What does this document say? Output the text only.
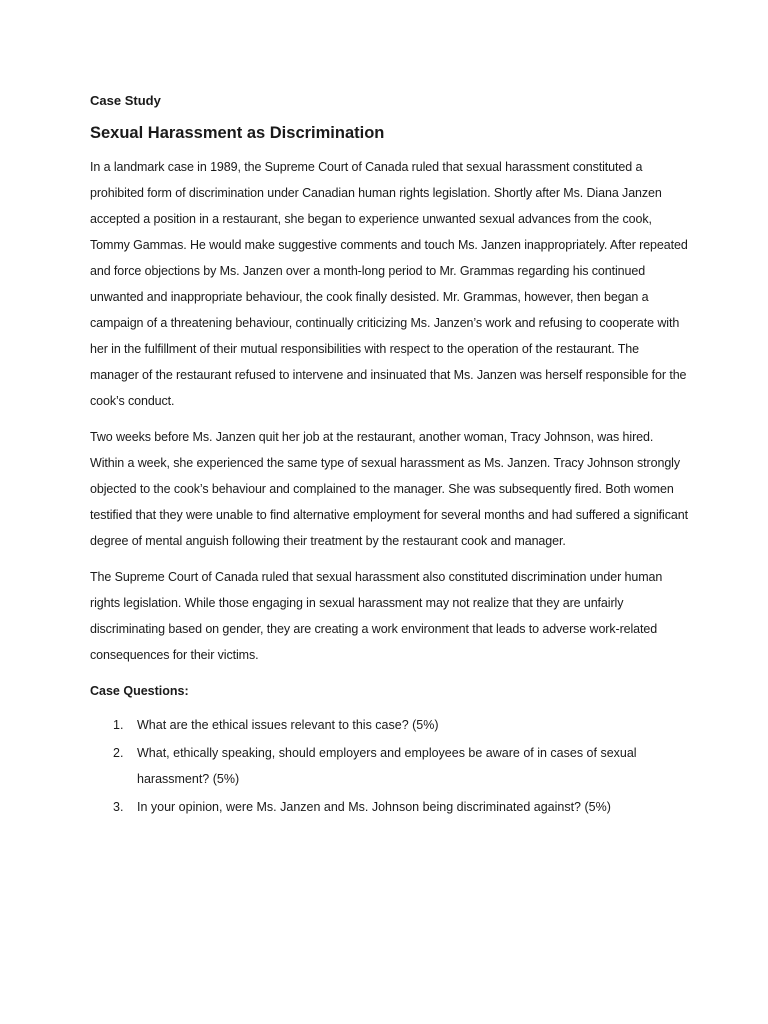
Case Study

Sexual Harassment as Discrimination

In a landmark case in 1989, the Supreme Court of Canada ruled that sexual harassment constituted a prohibited form of discrimination under Canadian human rights legislation. Shortly after Ms. Diana Janzen accepted a position in a restaurant, she began to experience unwanted sexual advances from the cook, Tommy Gammas. He would make suggestive comments and touch Ms. Janzen inappropriately. After repeated and force objections by Ms. Janzen over a month-long period to Mr. Grammas regarding his continued unwanted and inappropriate behaviour, the cook finally desisted. Mr. Grammas, however, then began a campaign of a threatening behaviour, continually criticizing Ms. Janzen’s work and refusing to cooperate with her in the fulfillment of their mutual responsibilities with respect to the operation of the restaurant. The manager of the restaurant refused to intervene and insinuated that Ms. Janzen was herself responsible for the cook’s conduct.

Two weeks before Ms. Janzen quit her job at the restaurant, another woman, Tracy Johnson, was hired. Within a week, she experienced the same type of sexual harassment as Ms. Janzen. Tracy Johnson strongly objected to the cook’s behaviour and complained to the manager. She was subsequently fired. Both women testified that they were unable to find alternative employment for several months and had suffered a significant degree of mental anguish following their treatment by the restaurant cook and manager.

The Supreme Court of Canada ruled that sexual harassment also constituted discrimination under human rights legislation. While those engaging in sexual harassment may not realize that they are unfairly discriminating based on gender, they are creating a work environment that leads to adverse work-related consequences for their victims.

Case Questions:

1.	What are the ethical issues relevant to this case? (5%)
2.	What, ethically speaking, should employers and employees be aware of in cases of sexual harassment? (5%)
3.	In your opinion, were Ms. Janzen and Ms. Johnson being discriminated against? (5%)
